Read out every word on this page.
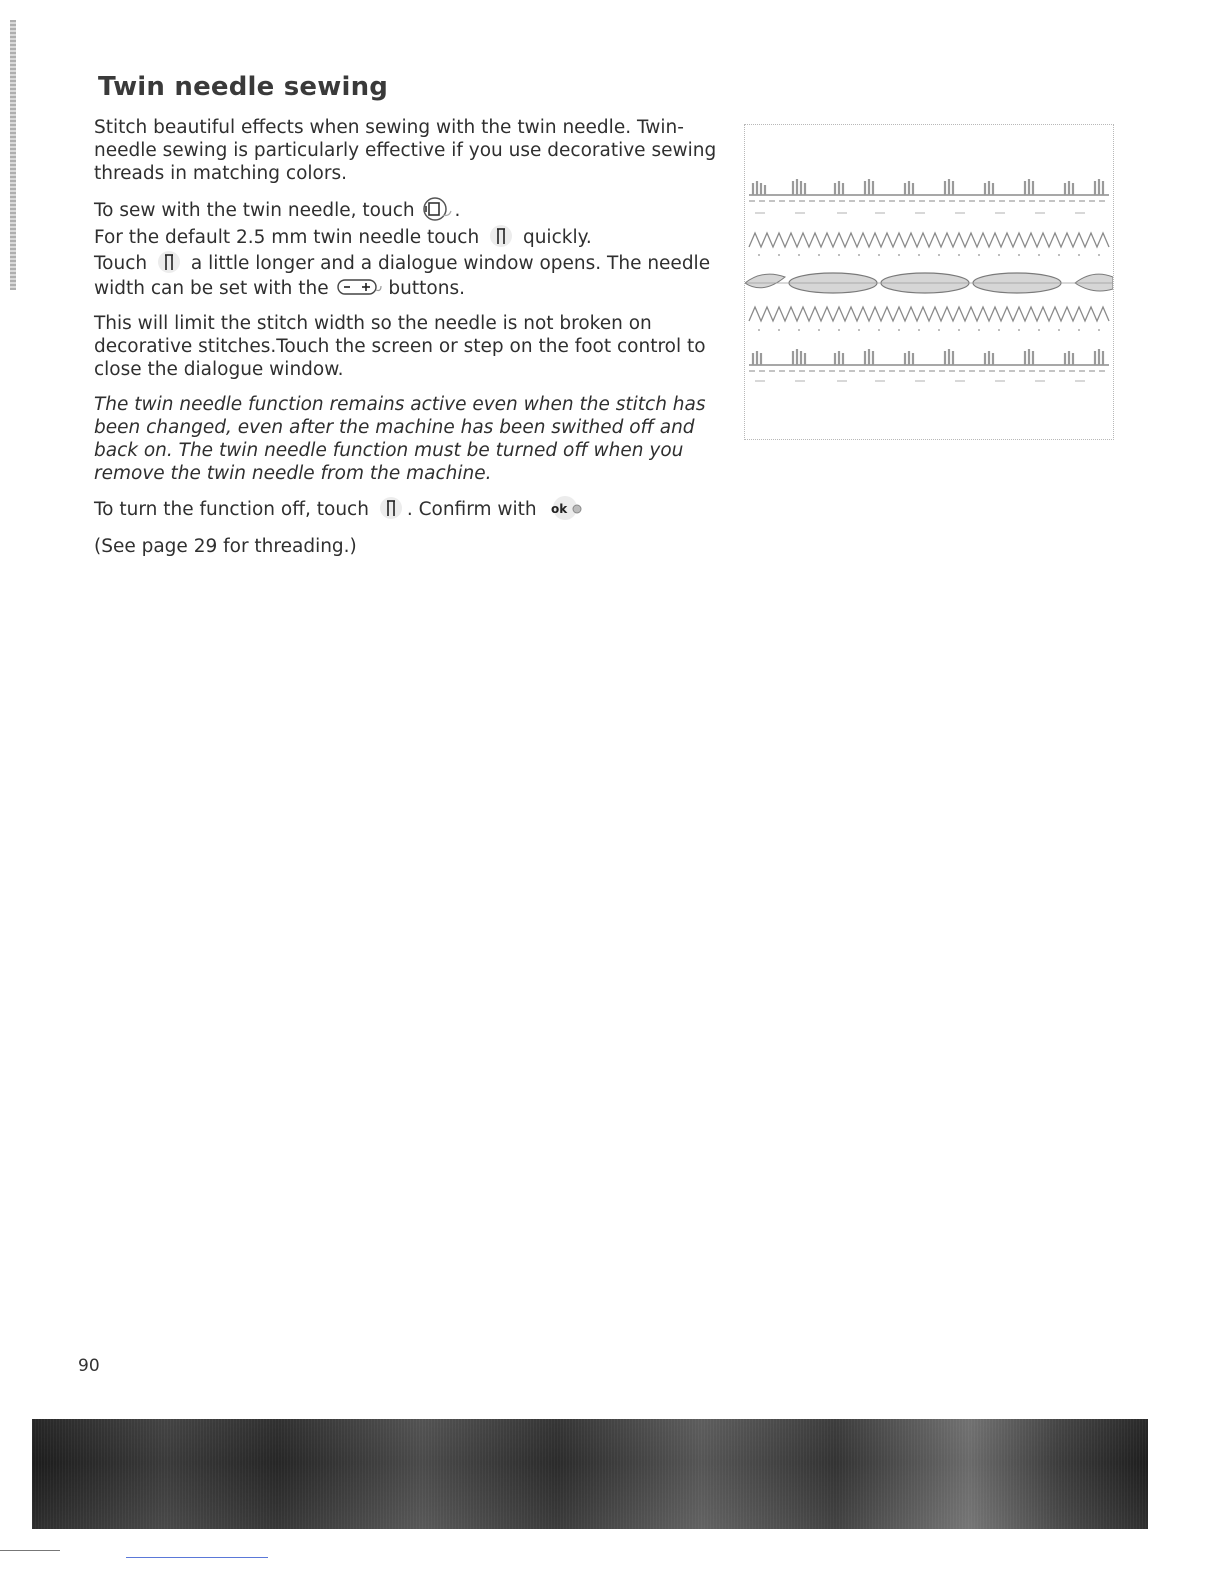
Twin needle sewing

Stitch beautiful effects when sewing with the twin needle. Twin-needle sewing is particularly effective if you use decorative sewing threads in matching colors.

To sew with the twin needle, touch .

For the default 2.5 mm twin needle touch quickly.

Touch a little longer and a dialogue window opens. The needle width can be set with the	buttons.

This will limit the stitch width so the needle is not broken on decorative stitches.Touch the screen or step on the foot control to close the dialogue window.

The twin needle function remains active even when the stitch has been changed, even after the machine has been swithed off and back on. The twin needle function must be turned off when you remove the twin needle from the machine.

To turn the function off, touch . Confirm with ok

(See page 29 for threading.)

90
